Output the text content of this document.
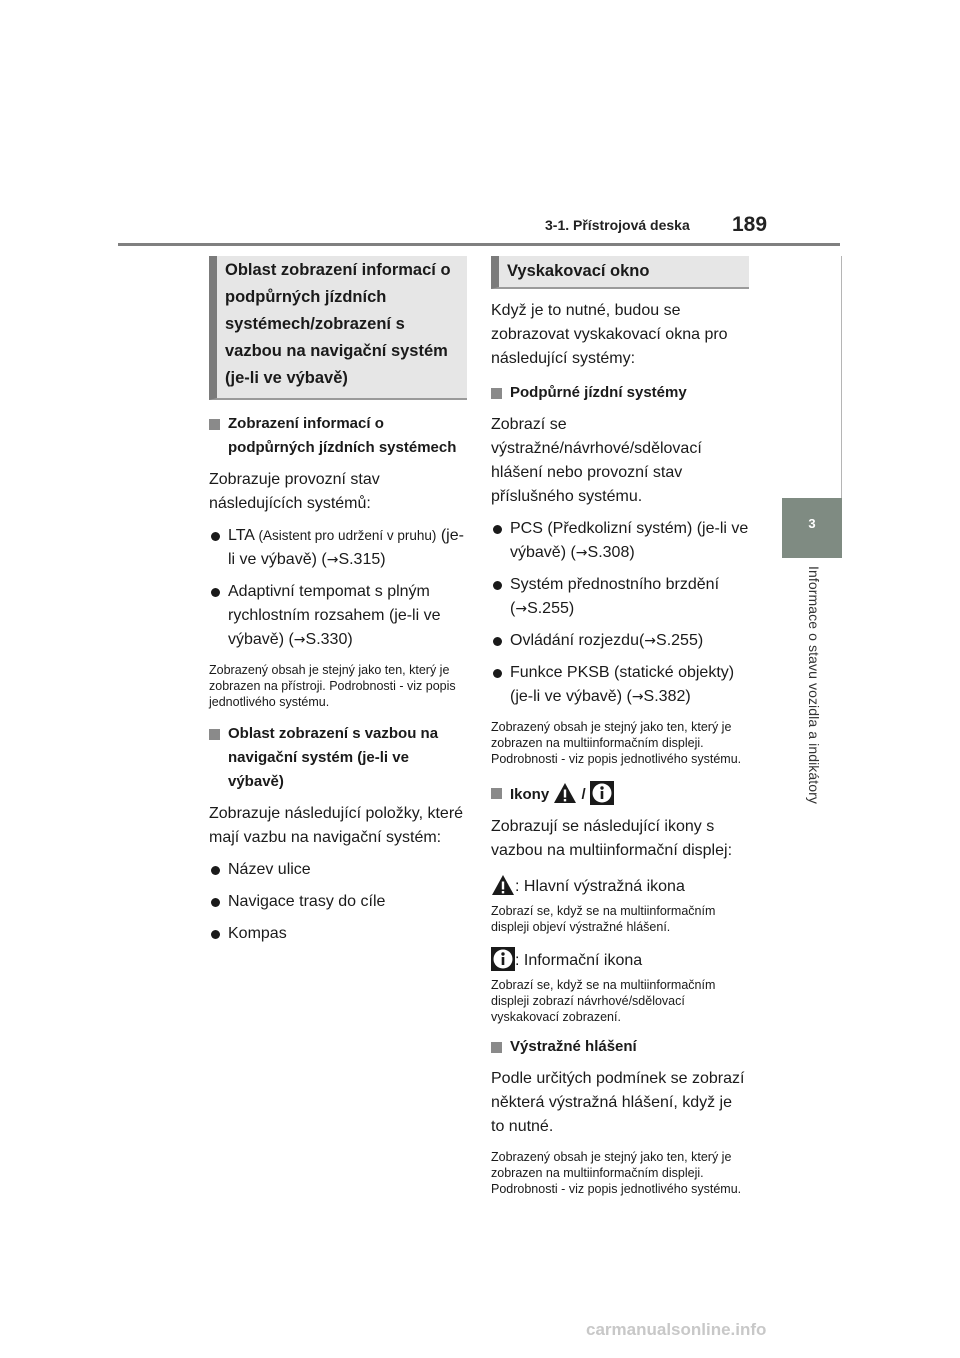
3-1. Přístrojová deska 189
3
Informace o stavu vozidla a indikátory
Oblast zobrazení informací o podpůrných jízdních systémech/zobrazení s vazbou na navigační systém (je-li ve výbavě)
Zobrazení informací o podpůrných jízdních systémech
Zobrazuje provozní stav následujících systémů:
LTA (Asistent pro udržení v pruhu) (je-li ve výbavě) (→S.315)
Adaptivní tempomat s plným rychlostním rozsahem (je-li ve výbavě) (→S.330)
Zobrazený obsah je stejný jako ten, který je zobrazen na přístroji. Podrobnosti - viz popis jednotlivého systému.
Oblast zobrazení s vazbou na navigační systém (je-li ve výbavě)
Zobrazuje následující položky, které mají vazbu na navigační systém:
Název ulice
Navigace trasy do cíle
Kompas
Vyskakovací okno
Když je to nutné, budou se zobrazovat vyskakovací okna pro následující systémy:
Podpůrné jízdní systémy
Zobrazí se výstražné/návrhové/sdělovací hlášení nebo provozní stav příslušného systému.
PCS (Předkolizní systém) (je-li ve výbavě) (→S.308)
Systém přednostního brzdění (→S.255)
Ovládání rozjezdu(→S.255)
Funkce PKSB (statické objekty) (je-li ve výbavě) (→S.382)
Zobrazený obsah je stejný jako ten, který je zobrazen na multiinformačním displeji. Podrobnosti - viz popis jednotlivého systému.
Ikony /
Zobrazují se následující ikony s vazbou na multiinformační displej:
: Hlavní výstražná ikona
Zobrazí se, když se na multiinformačním displeji objeví výstražné hlášení.
: Informační ikona
Zobrazí se, když se na multiinformačním displeji zobrazí návrhové/sdělovací vyskakovací zobrazení.
Výstražné hlášení
Podle určitých podmínek se zobrazí některá výstražná hlášení, když je to nutné.
Zobrazený obsah je stejný jako ten, který je zobrazen na multiinformačním displeji. Podrobnosti - viz popis jednotlivého systému.
carmanualsonline.info
